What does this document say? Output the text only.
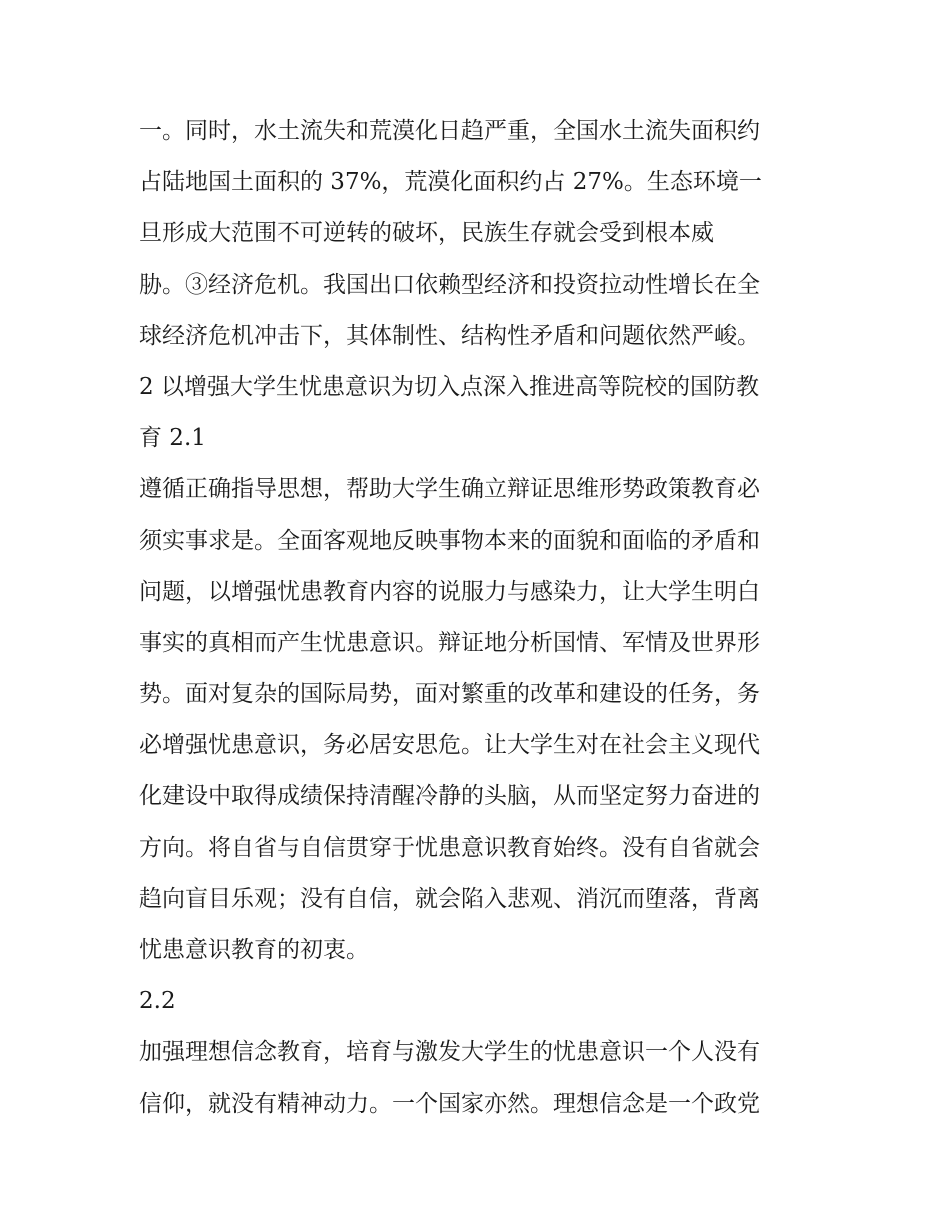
一。同时，水土流失和荒漠化日趋严重，全国水土流失面积约
占陆地国土面积的 37%，荒漠化面积约占 27%。生态环境一
旦形成大范围不可逆转的破坏，民族生存就会受到根本威
胁。③经济危机。我国出口依赖型经济和投资拉动性增长在全
球经济危机冲击下，其体制性、结构性矛盾和问题依然严峻。
2 以增强大学生忧患意识为切入点深入推进高等院校的国防教
育 2.1
遵循正确指导思想，帮助大学生确立辩证思维形势政策教育必
须实事求是。全面客观地反映事物本来的面貌和面临的矛盾和
问题，以增强忧患教育内容的说服力与感染力，让大学生明白
事实的真相而产生忧患意识。辩证地分析国情、军情及世界形
势。面对复杂的国际局势，面对繁重的改革和建设的任务，务
必增强忧患意识，务必居安思危。让大学生对在社会主义现代
化建设中取得成绩保持清醒冷静的头脑，从而坚定努力奋进的
方向。将自省与自信贯穿于忧患意识教育始终。没有自省就会
趋向盲目乐观；没有自信，就会陷入悲观、消沉而堕落，背离
忧患意识教育的初衷。
2.2
加强理想信念教育，培育与激发大学生的忧患意识一个人没有
信仰，就没有精神动力。一个国家亦然。理想信念是一个政党
